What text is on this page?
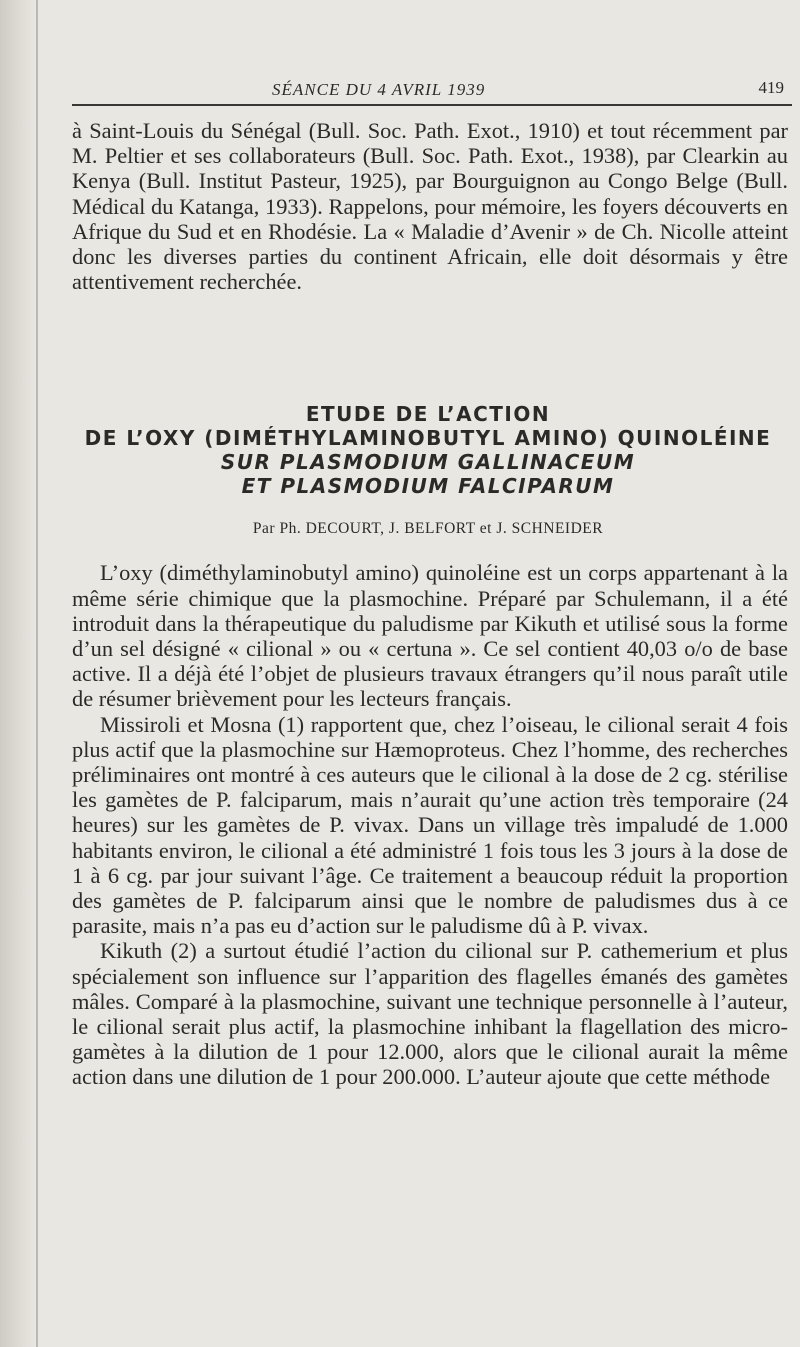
SÉANCE DU 4 AVRIL 1939	419

à Saint-Louis du Sénégal (Bull. Soc. Path. Exot., 1910) et tout récemment par M. Peltier et ses collaborateurs (Bull. Soc. Path. Exot., 1938), par Clearkin au Kenya (Bull. Institut Pasteur, 1925), par Bourguignon au Congo Belge (Bull. Médical du Katanga, 1933). Rappelons, pour mémoire, les foyers découverts en Afrique du Sud et en Rhodésie. La « Maladie d’Avenir » de Ch. Nicolle atteint donc les diverses parties du continent Africain, elle doit désormais y être attentivement recherchée.

ETUDE DE L’ACTION
DE L’OXY (DIMÉTHYLAMINOBUTYL AMINO) QUINOLÉINE
SUR PLASMODIUM GALLINACEUM
ET PLASMODIUM FALCIPARUM
Par Ph. DECOURT, J. BELFORT et J. SCHNEIDER

L’oxy (diméthylaminobutyl amino) quinoléine est un corps appartenant à la même série chimique que la plasmochine. Préparé par Schulemann, il a été introduit dans la thérapeutique du paludisme par Kikuth et utilisé sous la forme d’un sel désigné « cilional » ou « certuna ». Ce sel contient 40,03 o/o de base active. Il a déjà été l’objet de plusieurs travaux étrangers qu’il nous paraît utile de résumer brièvement pour les lecteurs français.

Missiroli et Mosna (1) rapportent que, chez l’oiseau, le cilional serait 4 fois plus actif que la plasmochine sur Hæmoproteus. Chez l’homme, des recherches préliminaires ont montré à ces auteurs que le cilional à la dose de 2 cg. stérilise les gamètes de P. falciparum, mais n’aurait qu’une action très temporaire (24 heures) sur les gamètes de P. vivax. Dans un village très impaludé de 1.000 habitants environ, le cilional a été administré 1 fois tous les 3 jours à la dose de 1 à 6 cg. par jour suivant l’âge. Ce traitement a beaucoup réduit la proportion des gamètes de P. falciparum ainsi que le nombre de paludismes dus à ce parasite, mais n’a pas eu d’action sur le paludisme dû à P. vivax.

Kikuth (2) a surtout étudié l’action du cilional sur P. cathemerium et plus spécialement son influence sur l’apparition des flagelles émanés des gamètes mâles. Comparé à la plasmochine, suivant une technique personnelle à l’auteur, le cilional serait plus actif, la plasmochine inhibant la flagellation des micro-gamètes à la dilution de 1 pour 12.000, alors que le cilional aurait la même action dans une dilution de 1 pour 200.000. L’auteur ajoute que cette méthode
